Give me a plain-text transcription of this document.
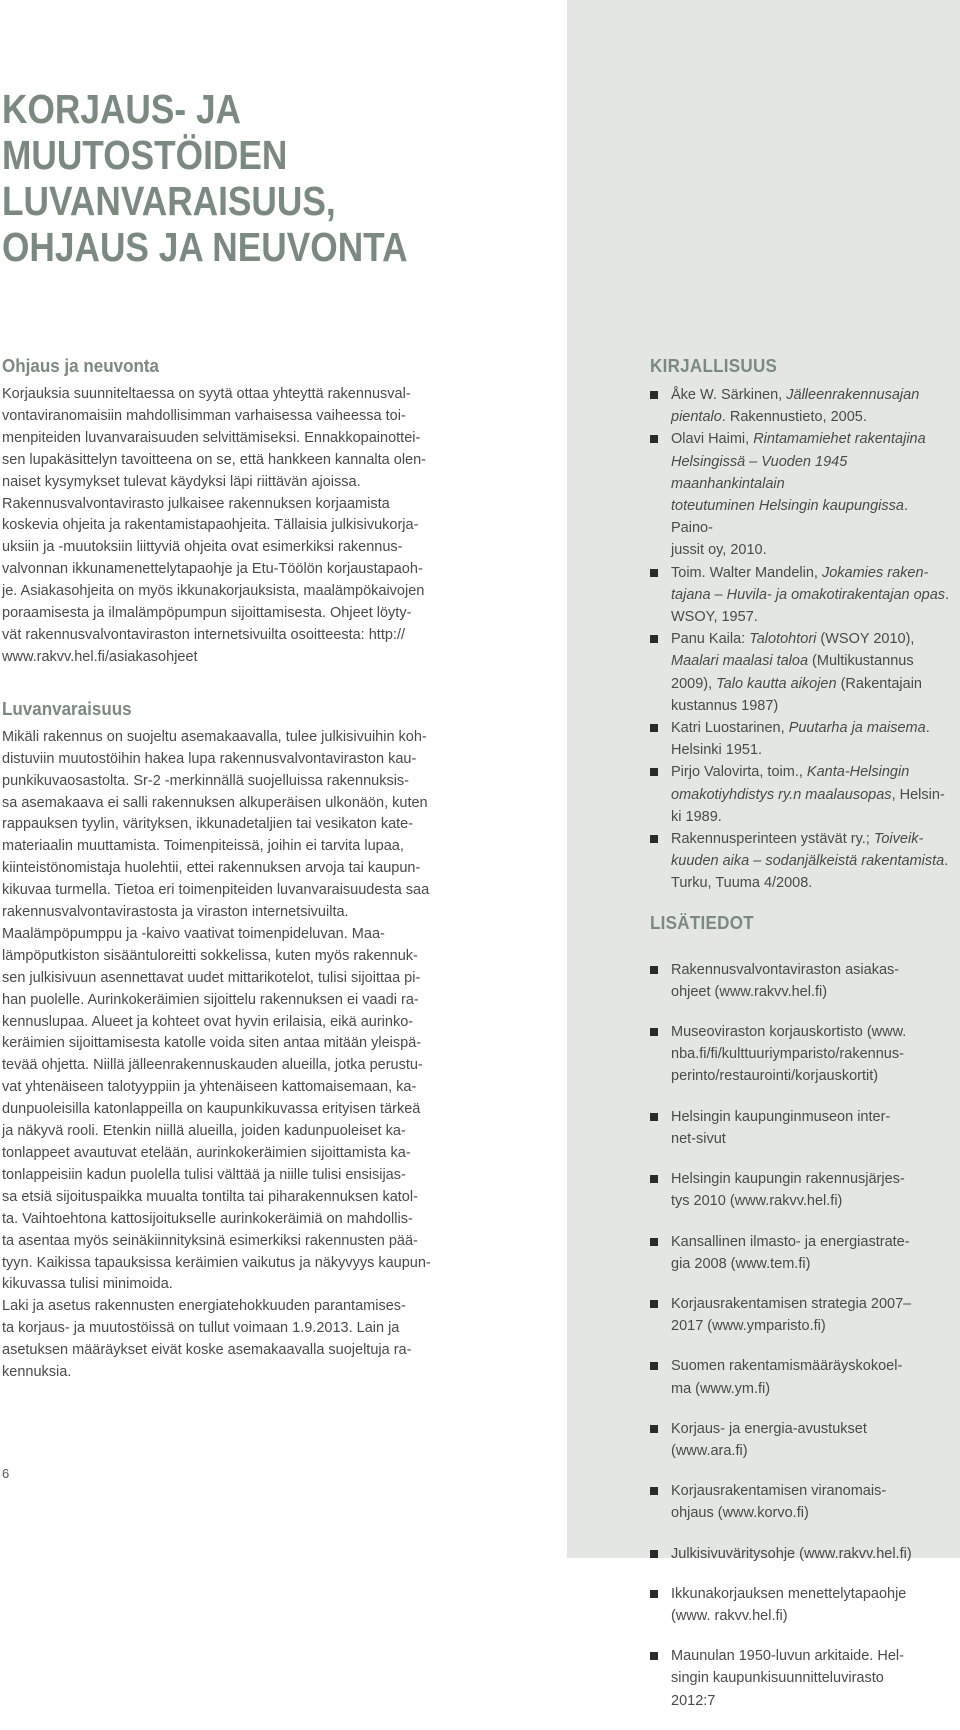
KORJAUS- JA
MUUTOSTÖIDEN
LUVANVARAISUUS,
OHJAUS JA NEUVONTA
Ohjaus ja neuvonta

Korjauksia suunniteltaessa on syytä ottaa yhteyttä rakennusval-
vontaviranomaisiin mahdollisimman varhaisessa vaiheessa toi-
menpiteiden luvanvaraisuuden selvittämiseksi. Ennakkopainottei-
sen lupakäsittelyn tavoitteena on se, että hankkeen kannalta olen-
naiset kysymykset tulevat käydyksi läpi riittävän ajoissa.

Rakennusvalvontavirasto julkaisee rakennuksen korjaamista
koskevia ohjeita ja rakentamistapaohjeita. Tällaisia julkisivukorja-
uksiin ja -muutoksiin liittyviä ohjeita ovat esimerkiksi rakennus-
valvonnan ikkunamenettelytapaohje ja Etu-Töölön korjaustapaoh-
je. Asiakasohjeita on myös ikkunakorjauksista, maalämpökaivojen
poraamisesta ja ilmalämpöpumpun sijoittamisesta. Ohjeet löyty-
vät rakennusvalvontaviraston internetsivuilta osoitteesta: http://
www.rakvv.hel.fi/asiakasohjeet

Luvanvaraisuus

Mikäli rakennus on suojeltu asemakaavalla, tulee julkisivuihin koh-
distuviin muutostöihin hakea lupa rakennusvalvontaviraston kau-
punkikuvaosastolta. Sr-2 -merkinnällä suojelluissa rakennuksis-
sa asemakaava ei salli rakennuksen alkuperäisen ulkonäön, kuten
rappauksen tyylin, värityksen, ikkunadetaljien tai vesikaton kate-
materiaalin muuttamista. Toimenpiteissä, joihin ei tarvita lupaa,
kiinteistönomistaja huolehtii, ettei rakennuksen arvoja tai kaupun-
kikuvaa turmella. Tietoa eri toimenpiteiden luvanvaraisuudesta saa
rakennusvalvontavirastosta ja viraston internetsivuilta.

Maalämpöpumppu ja -kaivo vaativat toimenpideluvan. Maa-
lämpöputkiston sisääntuloreitti sokkelissa, kuten myös rakennuk-
sen julkisivuun asennettavat uudet mittarikotelot, tulisi sijoittaa pi-
han puolelle. Aurinkokeräimien sijoittelu rakennuksen ei vaadi ra-
kennuslupaa. Alueet ja kohteet ovat hyvin erilaisia, eikä aurinko-
keräimien sijoittamisesta katolle voida siten antaa mitään yleispä-
tevää ohjetta. Niillä jälleenrakennuskauden alueilla, jotka perustu-
vat yhtenäiseen talotyyppiin ja yhtenäiseen kattomaisemaan, ka-
dunpuoleisilla katonlappeilla on kaupunkikuvassa erityisen tärkeä
ja näkyvä rooli. Etenkin niillä alueilla, joiden kadunpuoleiset ka-
tonlappeet avautuvat etelään, aurinkokeräimien sijoittamista ka-
tonlappeisiin kadun puolella tulisi välttää ja niille tulisi ensisijas-
sa etsiä sijoituspaikka muualta tontilta tai piharakennuksen katol-
ta. Vaihtoehtona kattosijoitukselle aurinkokeräimiä on mahdollis-
ta asentaa myös seinäkiinnityksinä esimerkiksi rakennusten pää-
tyyn. Kaikissa tapauksissa keräimien vaikutus ja näkyvyys kaupun-
kikuvassa tulisi minimoida.

Laki ja asetus rakennusten energiatehokkuuden parantamises-
ta korjaus- ja muutostöissä on tullut voimaan 1.9.2013. Lain ja
asetuksen määräykset eivät koske asemakaavalla suojeltuja ra-
kennuksia.

KIRJALLISUUS
Åke W. Särkinen, Jälleenrakennusajan
pientalo. Rakennustieto, 2005.
Olavi Haimi, Rintamamiehet rakentajina
Helsingissä – Vuoden 1945 maanhankintalain
toteutuminen Helsingin kaupungissa. Paino-
jussit oy, 2010.
Toim. Walter Mandelin, Jokamies raken-
tajana – Huvila- ja omakotirakentajan opas.
WSOY, 1957.
Panu Kaila: Talotohtori (WSOY 2010),
Maalari maalasi taloa (Multikustannus
2009), Talo kautta aikojen (Rakentajain
kustannus 1987)
Katri Luostarinen, Puutarha ja maisema.
Helsinki 1951.
Pirjo Valovirta, toim., Kanta-Helsingin
omakotiyhdistys ry.n maalausopas, Helsin-
ki 1989.
Rakennusperinteen ystävät ry.; Toiveik-
kuuden aika – sodanjälkeistä rakentamista.
Turku, Tuuma 4/2008.
LISÄTIEDOT

Rakennusvalvontaviraston asiakas-
ohjeet (www.rakvv.hel.fi)

Museoviraston korjauskortisto (www.
nba.fi/fi/kulttuuriymparisto/rakennus-
perinto/restaurointi/korjauskortit)

Helsingin kaupunginmuseon inter-
net-sivut

Helsingin kaupungin rakennusjärjes-
tys 2010 (www.rakvv.hel.fi)

Kansallinen ilmasto- ja energiastrate-
gia 2008 (www.tem.fi)

Korjausrakentamisen strategia 2007–
2017 (www.ymparisto.fi)

Suomen rakentamismääräyskokoel-
ma (www.ym.fi)

Korjaus- ja energia-avustukset
(www.ara.fi)

Korjausrakentamisen viranomais-
ohjaus (www.korvo.fi)

Julkisivuväritysohje (www.rakvv.hel.fi)

Ikkunakorjauksen menettelytapaohje
(www. rakvv.hel.fi)

Maunulan 1950-luvun arkitaide. Hel-
singin kaupunkisuunnitteluvirasto
2012:7

6
